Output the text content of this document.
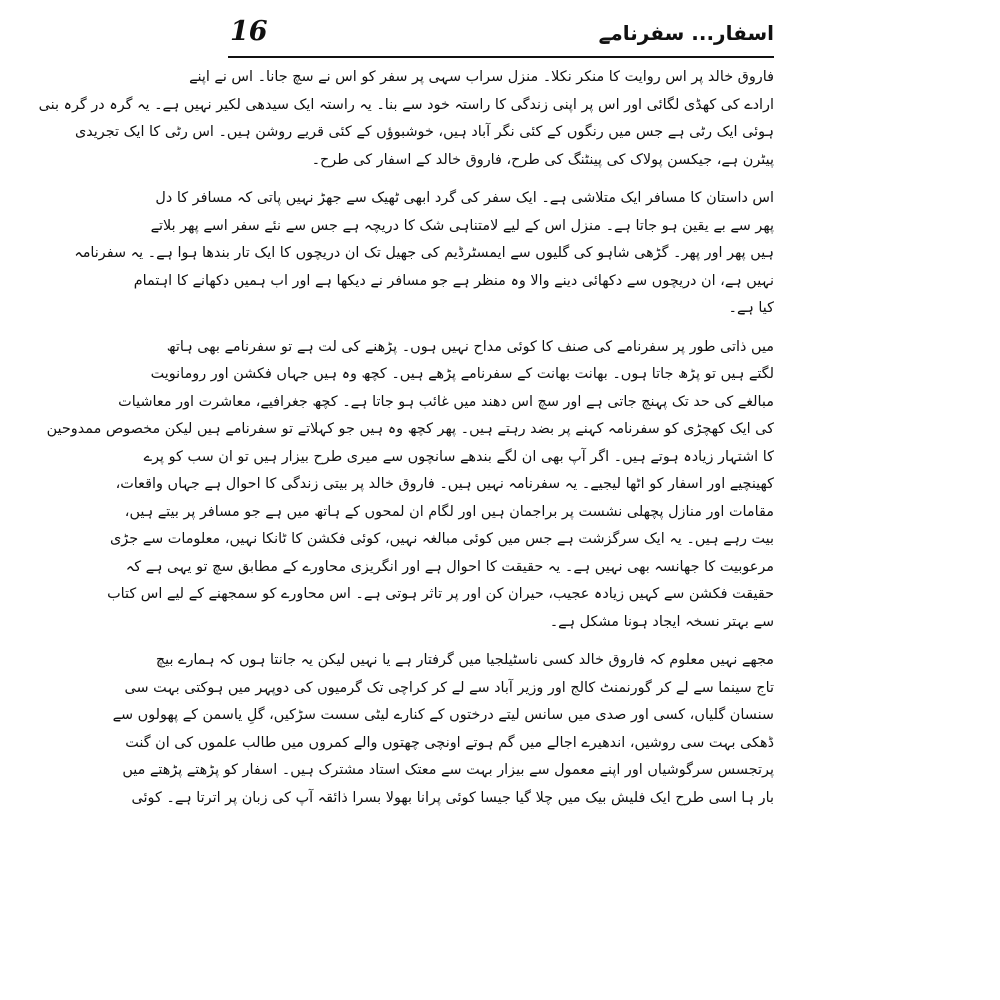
16	اسفار... سفرنامے

فاروق خالد پر اس روایت کا منکر نکلا۔ منزل سراب سہی پر سفر کو اس نے سچ جانا۔ اس نے اپنے
ارادے کی کھڈی لگائی اور اس پر اپنی زندگی کا راستہ خود سے بنا۔ یہ راستہ ایک سیدھی لکیر نہیں ہے۔ یہ گرہ در گرہ بنی
ہوئی ایک رٹی ہے جس میں رنگوں کے کئی نگر آباد ہیں، خوشبوؤں کے کئی قریے روشن ہیں۔ اس رٹی کا ایک تجریدی
پیٹرن ہے، جیکسن پولاک کی پینٹنگ کی طرح، فاروق خالد کے اسفار کی طرح۔

اس داستان کا مسافر ایک متلاشی ہے۔ ایک سفر کی گرد ابھی ٹھیک سے جھڑ نہیں پاتی کہ مسافر کا دل
پھر سے بے یقین ہو جاتا ہے۔ منزل اس کے لیے لامتناہی شک کا دریچہ ہے جس سے نئے سفر اسے پھر بلاتے
ہیں پھر اور پھر۔ گڑھی شاہو کی گلیوں سے ایمسٹرڈیم کی جھیل تک ان دریچوں کا ایک تار بندھا ہوا ہے۔ یہ سفرنامہ
نہیں ہے، ان دریچوں سے دکھائی دینے والا وہ منظر ہے جو مسافر نے دیکھا ہے اور اب ہمیں دکھانے کا اہتمام
کیا ہے۔

میں ذاتی طور پر سفرنامے کی صنف کا کوئی مداح نہیں ہوں۔ پڑھنے کی لت ہے تو سفرنامے بھی ہاتھ
لگتے ہیں تو پڑھ جاتا ہوں۔ بھانت بھانت کے سفرنامے پڑھے ہیں۔ کچھ وہ ہیں جہاں فکشن اور رومانویت
مبالغے کی حد تک پہنچ جاتی ہے اور سچ اس دھند میں غائب ہو جاتا ہے۔ کچھ جغرافیے، معاشرت اور معاشیات
کی ایک کھچڑی کو سفرنامہ کہنے پر بضد رہتے ہیں۔ پھر کچھ وہ ہیں جو کہلاتے تو سفرنامے ہیں لیکن مخصوص ممدوحین
کا اشتہار زیادہ ہوتے ہیں۔ اگر آپ بھی ان لگے بندھے سانچوں سے میری طرح بیزار ہیں تو ان سب کو پرے
کھینچیے اور اسفار کو اٹھا لیجیے۔ یہ سفرنامہ نہیں ہیں۔ فاروق خالد پر بیتی زندگی کا احوال ہے جہاں واقعات،
مقامات اور منازل پچھلی نشست پر براجمان ہیں اور لگام ان لمحوں کے ہاتھ میں ہے جو مسافر پر بیتے ہیں،
بیت رہے ہیں۔ یہ ایک سرگزشت ہے جس میں کوئی مبالغہ نہیں، کوئی فکشن کا ٹانکا نہیں، معلومات سے جڑی
مرعوبیت کا جھانسہ بھی نہیں ہے۔ یہ حقیقت کا احوال ہے اور انگریزی محاورے کے مطابق سچ تو یہی ہے کہ
حقیقت فکشن سے کہیں زیادہ عجیب، حیران کن اور پر تاثر ہوتی ہے۔ اس محاورے کو سمجھنے کے لیے اس کتاب
سے بہتر نسخہ ایجاد ہونا مشکل ہے۔

مجھے نہیں معلوم کہ فاروق خالد کسی ناسٹیلجیا میں گرفتار ہے یا نہیں لیکن یہ جانتا ہوں کہ ہمارے بیچ
تاج سینما سے لے کر گورنمنٹ کالج اور وزیر آباد سے لے کر کراچی تک گرمیوں کی دوپہر میں ہوکتی بہت سی
سنسان گلیاں، کسی اور صدی میں سانس لیتے درختوں کے کنارے لیٹی سست سڑکیں، گلِ یاسمن کے پھولوں سے
ڈھکی بہت سی روشیں، اندھیرے اجالے میں گم ہوتے اونچی چھتوں والے کمروں میں طالب علموں کی ان گنت
پرتجسس سرگوشیاں اور اپنے معمول سے بیزار بہت سے معتک استاد مشترک ہیں۔ اسفار کو پڑھتے پڑھتے میں
بار ہا اسی طرح ایک فلیش بیک میں چلا گیا جیسا کوئی پرانا بھولا بسرا ذائقہ آپ کی زبان پر اترتا ہے۔ کوئی
